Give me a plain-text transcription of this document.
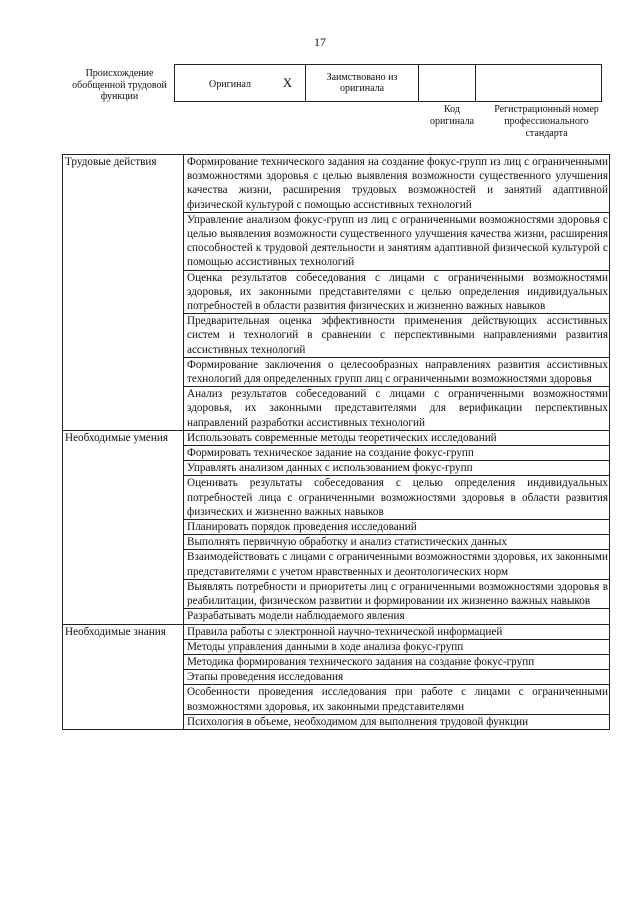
17
Происхождение обобщенной трудовой функции
Оригинал X	Заимствовано из оригинала		
Код оригинала
Регистрационный номер профессионального стандарта
Трудовые действия	Формирование технического задания на создание фокус-групп из лиц с ограниченными возможностями здоровья с целью выявления возможности существенного улучшения качества жизни, расширения трудовых возможностей и занятий адаптивной физической культурой с помощью ассистивных технологий
	Управление анализом фокус-групп из лиц с ограниченными возможностями здоровья с целью выявления возможности существенного улучшения качества жизни, расширения способностей к трудовой деятельности и занятиям адаптивной физической культурой с помощью ассистивных технологий
	Оценка результатов собеседования с лицами с ограниченными возможностями здоровья, их законными представителями с целью определения индивидуальных потребностей в области развития физических и жизненно важных навыков
	Предварительная оценка эффективности применения действующих ассистивных систем и технологий в сравнении с перспективными направлениями развития ассистивных технологий
	Формирование заключения о целесообразных направлениях развития ассистивных технологий для определенных групп лиц с ограниченными возможностями здоровья
	Анализ результатов собеседований с лицами с ограниченными возможностями здоровья, их законными представителями для верификации перспективных направлений разработки ассистивных технологий
Необходимые умения	Использовать современные методы теоретических исследований
	Формировать техническое задание на создание фокус-групп
	Управлять анализом данных с использованием фокус-групп
	Оценивать результаты собеседования с целью определения индивидуальных потребностей лица с ограниченными возможностями здоровья в области развития физических и жизненно важных навыков
	Планировать порядок проведения исследований
	Выполнять первичную обработку и анализ статистических данных
	Взаимодействовать с лицами с ограниченными возможностями здоровья, их законными представителями с учетом нравственных и деонтологических норм
	Выявлять потребности и приоритеты лиц с ограниченными возможностями здоровья в реабилитации, физическом развитии и формировании их жизненно важных навыков
	Разрабатывать модели наблюдаемого явления
Необходимые знания	Правила работы с электронной научно-технической информацией
	Методы управления данными в ходе анализа фокус-групп
	Методика формирования технического задания на создание фокус-групп
	Этапы проведения исследования
	Особенности проведения исследования при работе с лицами с ограниченными возможностями здоровья, их законными представителями
	Психология в объеме, необходимом для выполнения трудовой функции
